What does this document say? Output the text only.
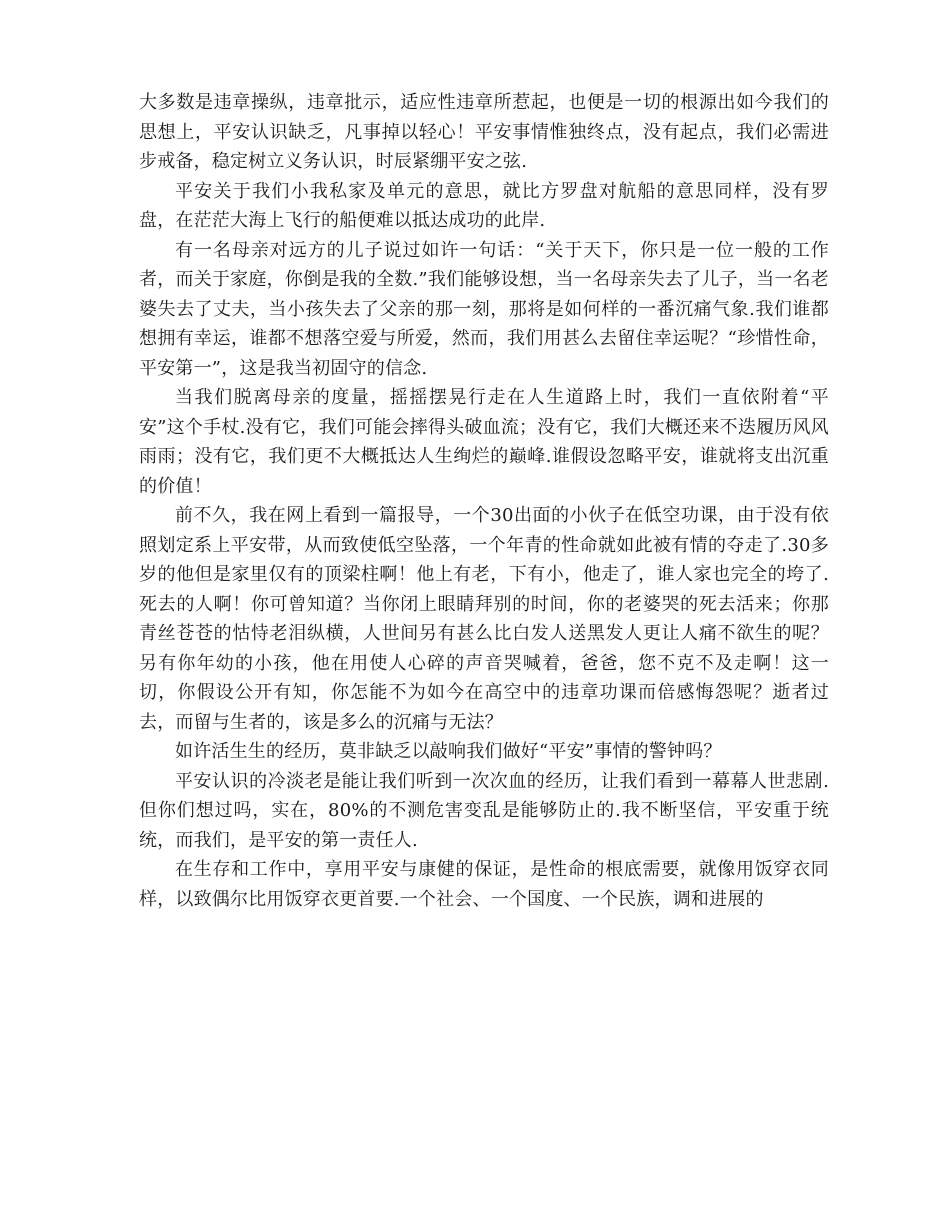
大多数是违章操纵，违章批示，适应性违章所惹起，也便是一切的根源出如今我们的思想上，平安认识缺乏，凡事掉以轻心！平安事情惟独终点，没有起点，我们必需进步戒备，稳定树立义务认识，时辰紧绷平安之弦.

平安关于我们小我私家及单元的意思，就比方罗盘对航船的意思同样，没有罗盘，在茫茫大海上飞行的船便难以抵达成功的此岸.

有一名母亲对远方的儿子说过如许一句话：“关于天下，你只是一位一般的工作者，而关于家庭，你倒是我的全数.”我们能够设想，当一名母亲失去了儿子，当一名老婆失去了丈夫，当小孩失去了父亲的那一刻，那将是如何样的一番沉痛气象.我们谁都想拥有幸运，谁都不想落空爱与所爱，然而，我们用甚么去留住幸运呢？“珍惜性命，平安第一”，这是我当初固守的信念.

当我们脱离母亲的度量，摇摇摆晃行走在人生道路上时，我们一直依附着“平安”这个手杖.没有它，我们可能会摔得头破血流；没有它，我们大概还来不迭履历风风雨雨；没有它，我们更不大概抵达人生绚烂的巅峰.谁假设忽略平安，谁就将支出沉重的价值！

前不久，我在网上看到一篇报导，一个30出面的小伙子在低空功课，由于没有依照划定系上平安带，从而致使低空坠落，一个年青的性命就如此被有情的夺走了.30多岁的他但是家里仅有的顶梁柱啊！他上有老，下有小，他走了，谁人家也完全的垮了.死去的人啊！你可曾知道？当你闭上眼睛拜别的时间，你的老婆哭的死去活来；你那青丝苍苍的怙恃老泪纵横，人世间另有甚么比白发人送黑发人更让人痛不欲生的呢？另有你年幼的小孩，他在用使人心碎的声音哭喊着，爸爸，您不克不及走啊！这一切，你假设公开有知，你怎能不为如今在高空中的违章功课而倍感悔怨呢？逝者过去，而留与生者的，该是多么的沉痛与无法？

如许活生生的经历，莫非缺乏以敲响我们做好“平安”事情的警钟吗？

平安认识的冷淡老是能让我们听到一次次血的经历，让我们看到一幕幕人世悲剧.但你们想过吗，实在，80%的不测危害变乱是能够防止的.我不断坚信，平安重于统统，而我们，是平安的第一责任人.

在生存和工作中，享用平安与康健的保证，是性命的根底需要，就像用饭穿衣同样，以致偶尔比用饭穿衣更首要.一个社会、一个国度、一个民族，调和进展的
